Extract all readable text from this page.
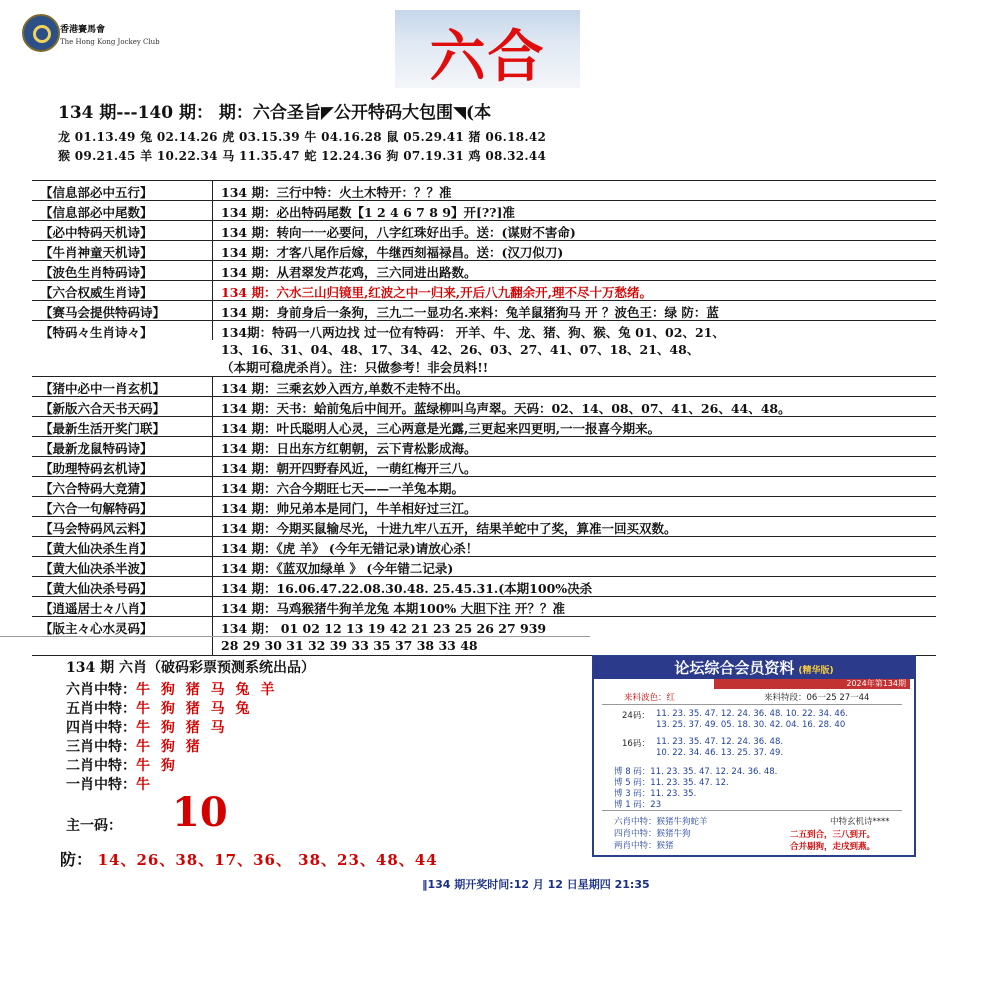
香港賽馬會
The Hong Kong Jockey Club	六合
134 期---140 期： 期：六合圣旨◤公开特码大包围◥(本
龙 01.13.49 兔 02.14.26 虎 03.15.39 牛 04.16.28 鼠 05.29.41 猪 06.18.42
猴 09.21.45 羊 10.22.34 马 11.35.47 蛇 12.24.36 狗 07.19.31 鸡 08.32.44
【信息部必中五行】	134 期：三行中特：火土木特开：？？准
【信息部必中尾数】	134 期：必出特码尾数【1 2 4 6 7 8 9】开[??]准
【必中特码天机诗】	134 期：转向一一必要问，八字红珠好出手。送：(谋财不害命)
【牛肖神童天机诗】	134 期：才客八尾作后嫁，牛继西刻福禄昌。送：(汉刀似刀)
【波色生肖特码诗】	134 期：从君翠发芦花鸡，三六同进出路数。
【六合权威生肖诗】	134 期：六水三山归镜里,红波之中一归来,开后八九翻余开,理不尽十万愁绪。
【赛马会提供特码诗】	134 期：身前身后一条狗，三九二一显功名.来料：兔羊鼠猪狗马 开 ？波色王：绿 防：蓝
【特码々生肖诗々】	134期：特码一八两边找 过一位有特码： 开羊、牛、龙、猪、狗、猴、兔 01、02、21、
13、16、31、04、48、17、34、42、26、03、27、41、07、18、21、48、
（本期可稳虎杀肖）。注：只做参考！非会员料!!
【猪中必中一肖玄机】	134 期：三乘玄妙入西方,单数不走特不出。
【新版六合天书天码】	134 期：天书：蛤前兔后中间开。蓝绿柳叫乌声翠。天码：02、14、08、07、41、26、44、48。
【最新生活开奖门联】	134 期：叶氏聪明人心灵，三心两意是光露,三更起来四更明,一一报喜今期来。
【最新龙鼠特码诗】	134 期：日出东方红朝朝，云下青松影成海。
【助理特码玄机诗】	134 期：朝开四野春风近，一萌红梅开三八。
【六合特码大竞猜】	134 期：六合今期旺七天——一羊兔本期。
【六合一句解特码】	134 期：帅兄弟本是同门，牛羊相好过三江。
【马会特码风云料】	134 期：今期买鼠输尽光，十进九牢八五开，结果羊蛇中了奖，算准一回买双数。
【黄大仙决杀生肖】	134 期：《虎 羊》 (今年无错记录)请放心杀！
【黄大仙决杀半波】	134 期：《蓝双加绿单 》 (今年错二记录)
【黄大仙决杀号码】	134 期：16.06.47.22.08.30.48. 25.45.31.(本期100%决杀
【逍遥居士々八肖】	134 期：马鸡猴猪牛狗羊龙兔 本期100% 大胆下注 开？？准
【版主々心水灵码】	134 期： 01 02 12 13 19 42 21 23 25 26 27 939
28 29 30 31 32 39 33 35 37 38 33 48
134 期 六肖（破码彩票预测系统出品）
六肖中特：牛 狗 猪 马 兔 羊
五肖中特：牛 狗 猪 马 兔
四肖中特：牛 狗 猪 马
三肖中特：牛 狗 猪
二肖中特：牛 狗
一肖中特：牛
主一码： 10
防： 14、26、38、17、36、 38、23、48、44
论坛综合会员资料 (精华版)
2024年第134期
来料波色：红	来料特段：06一25 27一44
24码： 11. 23. 35. 47. 12. 24. 36. 48. 10. 22. 34. 46.
13. 25. 37. 49. 05. 18. 30. 42. 04. 16. 28. 40
16码： 11. 23. 35. 47. 12. 24. 36. 48.
10. 22. 34. 46. 13. 25. 37. 49.
博 8 码：11. 23. 35. 47. 12. 24. 36. 48.
博 5 码：11. 23. 35. 47. 12.
博 3 码：11. 23. 35.
博 1 码：23
六肖中特：猴猪牛狗蛇羊
四肖中特：猴猪牛狗
两肖中特：猴猪
中特玄机诗****
二五到合，三八到开。
合并剔狗，走戌到燕。
‖134 期开奖时间:12 月 12 日星期四 21:35
